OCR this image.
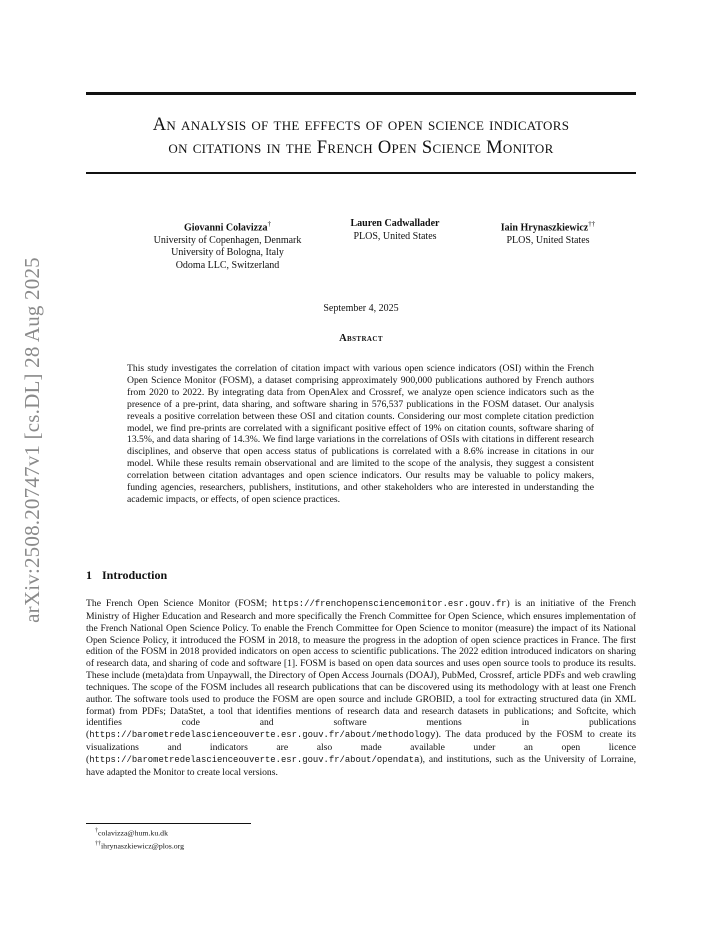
arXiv:2508.20747v1 [cs.DL] 28 Aug 2025
An analysis of the effects of open science indicators
on citations in the French Open Science Monitor
Giovanni Colavizza†
University of Copenhagen, Denmark
University of Bologna, Italy
Odoma LLC, Switzerland
Lauren Cadwallader
PLOS, United States
Iain Hrynaszkiewicz††
PLOS, United States
September 4, 2025
Abstract
This study investigates the correlation of citation impact with various open science indicators (OSI) within the French Open Science Monitor (FOSM), a dataset comprising approximately 900,000 publications authored by French authors from 2020 to 2022. By integrating data from OpenAlex and Crossref, we analyze open science indicators such as the presence of a pre-print, data sharing, and software sharing in 576,537 publications in the FOSM dataset. Our analysis reveals a positive correlation between these OSI and citation counts. Considering our most complete citation prediction model, we find pre-prints are correlated with a significant positive effect of 19% on citation counts, software sharing of 13.5%, and data sharing of 14.3%. We find large variations in the correlations of OSIs with citations in different research disciplines, and observe that open access status of publications is correlated with a 8.6% increase in citations in our model. While these results remain observational and are limited to the scope of the analysis, they suggest a consistent correlation between citation advantages and open science indicators. Our results may be valuable to policy makers, funding agencies, researchers, publishers, institutions, and other stakeholders who are interested in understanding the academic impacts, or effects, of open science practices.
1 Introduction
The French Open Science Monitor (FOSM; https://frenchopensciencemonitor.esr.gouv.fr) is an initiative of the French Ministry of Higher Education and Research and more specifically the French Committee for Open Science, which ensures implementation of the French National Open Science Policy. To enable the French Committee for Open Science to monitor (measure) the impact of its National Open Science Policy, it introduced the FOSM in 2018, to measure the progress in the adoption of open science practices in France. The first edition of the FOSM in 2018 provided indicators on open access to scientific publications. The 2022 edition introduced indicators on sharing of research data, and sharing of code and software [1]. FOSM is based on open data sources and uses open source tools to produce its results. These include (meta)data from Unpaywall, the Directory of Open Access Journals (DOAJ), PubMed, Crossref, article PDFs and web crawling techniques. The scope of the FOSM includes all research publications that can be discovered using its methodology with at least one French author. The software tools used to produce the FOSM are open source and include GROBID, a tool for extracting structured data (in XML format) from PDFs; DataStet, a tool that identifies mentions of research data and research datasets in publications; and Softcite, which identifies code and software mentions in publications (https://barometredelascienceouverte.esr.gouv.fr/about/methodology). The data produced by the FOSM to create its visualizations and indicators are also made available under an open licence (https://barometredelascienceouverte.esr.gouv.fr/about/opendata), and institutions, such as the University of Lorraine, have adapted the Monitor to create local versions.
†colavizza@hum.ku.dk
††ihrynaszkiewicz@plos.org
